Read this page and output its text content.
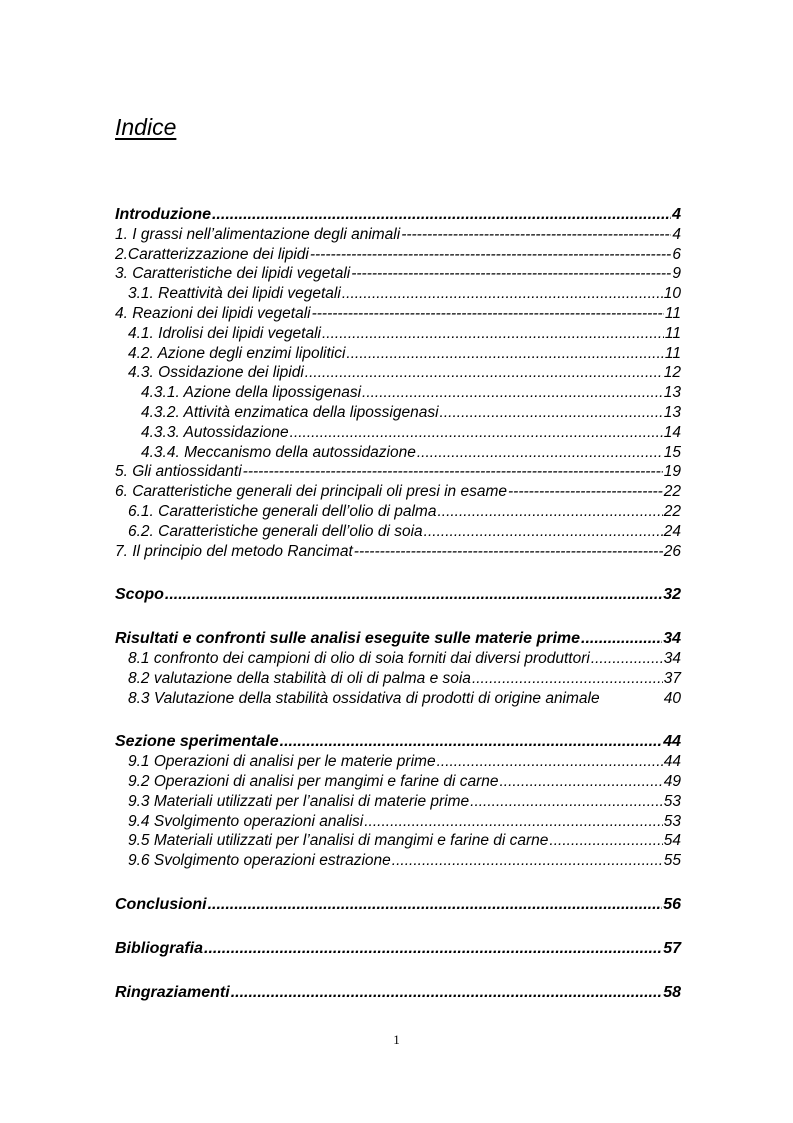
Indice
Introduzione .....	4
1. I grassi nell’alimentazione degli animali -----	4
2.Caratterizzazione dei lipidi -----	6
3. Caratteristiche dei lipidi vegetali -----	9
3.1. Reattività dei lipidi vegetali .....	10
4. Reazioni dei lipidi vegetali -----	11
4.1. Idrolisi dei lipidi vegetali .....	11
4.2. Azione degli enzimi lipolitici .....	11
4.3. Ossidazione dei lipidi .....	12
4.3.1. Azione della lipossigenasi .....	13
4.3.2. Attività enzimatica della lipossigenasi .....	13
4.3.3. Autossidazione .....	14
4.3.4. Meccanismo della autossidazione .....	15
5. Gli antiossidanti -----	19
6. Caratteristiche generali dei principali oli presi in esame -----	22
6.1. Caratteristiche generali dell’olio di palma .....	22
6.2. Caratteristiche generali dell’olio di soia .....	24
7. Il principio del metodo Rancimat -----	26
Scopo .....	32
Risultati e confronti sulle analisi eseguite sulle materie prime .....	34
8.1 confronto dei campioni di olio di soia forniti dai diversi produttori .....	34
8.2 valutazione della stabilità di oli di palma e soia .....	37
8.3 Valutazione della stabilità ossidativa di prodotti di origine animale	40
Sezione sperimentale .....	44
9.1 Operazioni di analisi per le materie prime .....	44
9.2 Operazioni di analisi per mangimi e farine di carne .....	49
9.3 Materiali utilizzati per l’analisi di materie prime .....	53
9.4 Svolgimento operazioni analisi .....	53
9.5 Materiali utilizzati per l’analisi di mangimi e farine di carne .....	54
9.6 Svolgimento operazioni estrazione .....	55
Conclusioni .....	56
Bibliografia .....	57
Ringraziamenti .....	58
1
